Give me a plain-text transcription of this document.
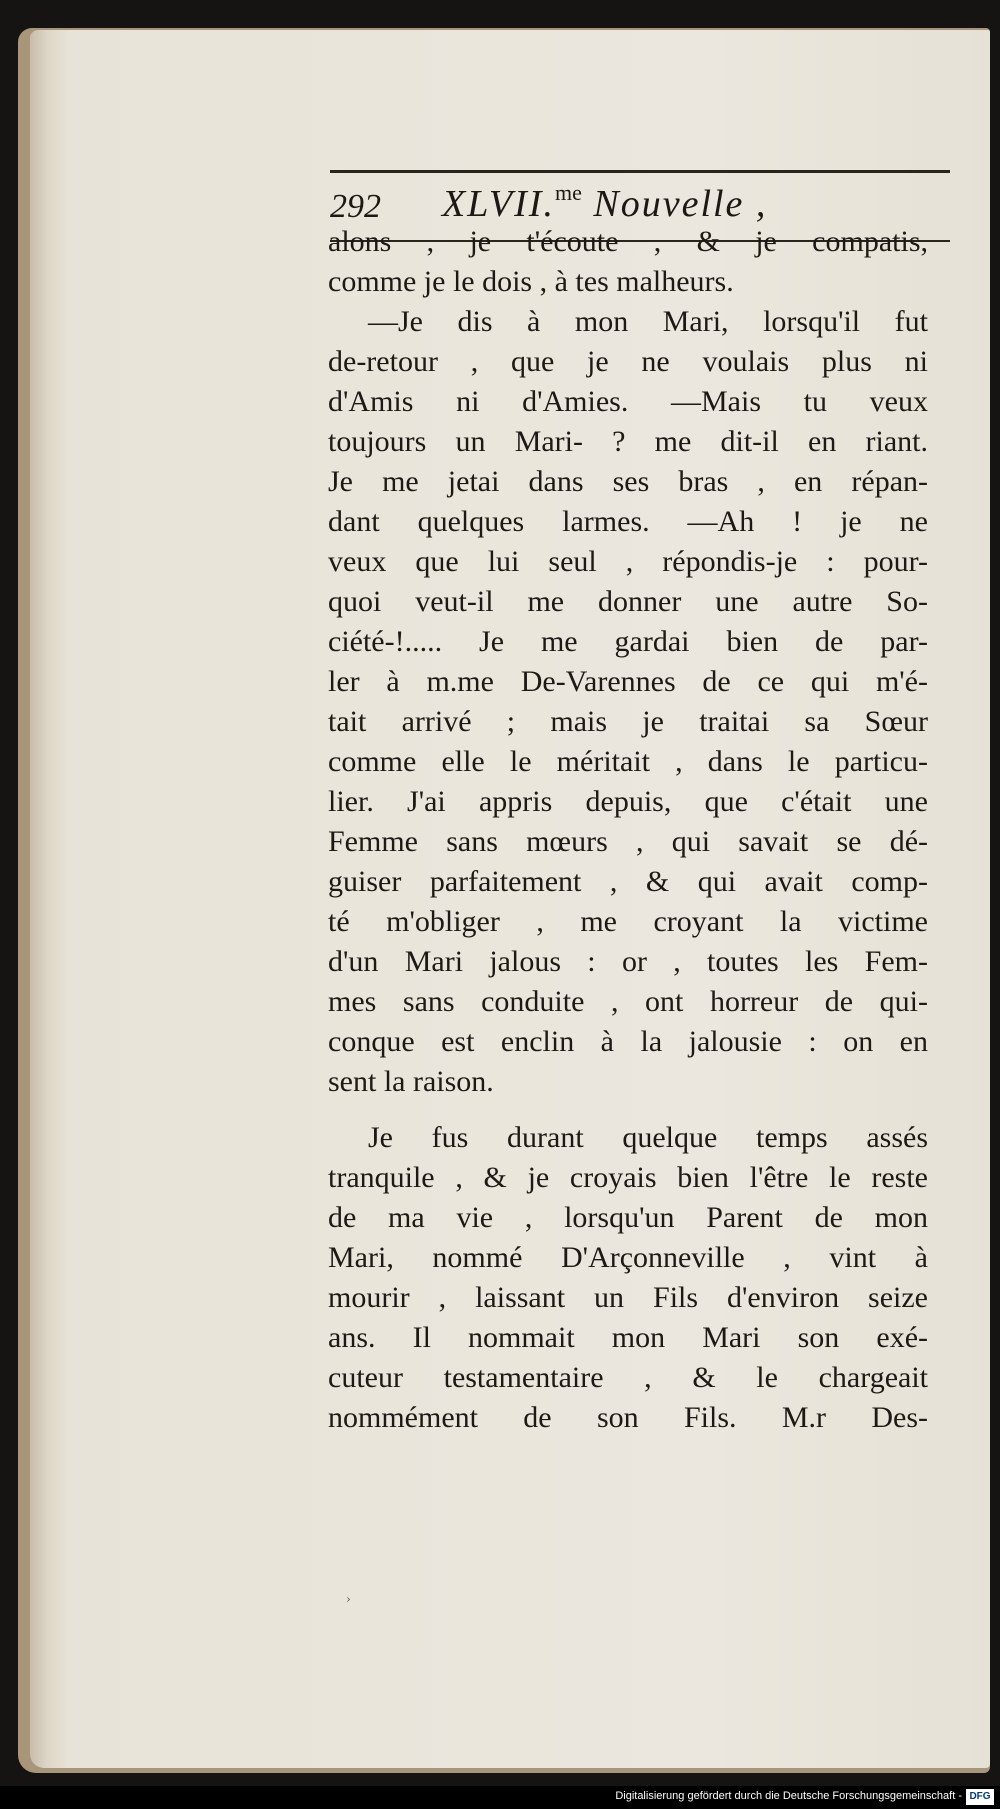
292 XLVII.$^{me}$ Nouvelle ,
alons , je t'écoute , & je compatis,
comme je le dois , à tes malheurs.
—Je dis à mon Mari, lorsqu'il fut
de-retour , que je ne voulais plus ni
d'Amis ni d'Amies. —Mais tu veux
toujours un Mari- ? me dit-il en riant.
Je me jetai dans ses bras , en répan-
dant quelques larmes. —Ah ! je ne
veux que lui seul , répondis-je : pour-
quoi veut-il me donner une autre So-
ciété-!..... Je me gardai bien de par-
ler à m.me De-Varennes de ce qui m'é-
tait arrivé ; mais je traitai sa Sœur
comme elle le méritait , dans le particu-
lier. J'ai appris depuis, que c'était une
Femme sans mœurs , qui savait se dé-
guiser parfaitement , & qui avait comp-
té m'obliger , me croyant la victime
d'un Mari jalous : or , toutes les Fem-
mes sans conduite , ont horreur de qui-
conque est enclin à la jalousie : on en
sent la raison.
Je fus durant quelque temps assés
tranquile , & je croyais bien l'être le reste
de ma vie , lorsqu'un Parent de mon
Mari, nommé D'Arçonneville , vint à
mourir , laissant un Fils d'environ seize
ans. Il nommait mon Mari son exé-
cuteur testamentaire , & le chargeait
nommément de son Fils. M.r Des-
›
Digitalisierung gefördert durch die Deutsche Forschungsgemeinschaft - DFG
